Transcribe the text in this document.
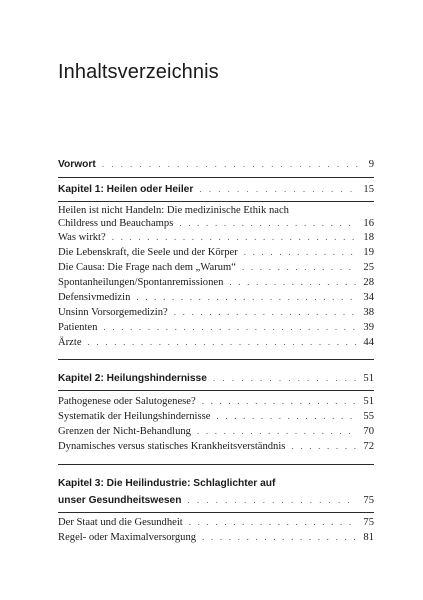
Inhaltsverzeichnis
Vorwort . . .	9
Kapitel 1: Heilen oder Heiler . . .	15
Heilen ist nicht Handeln: Die medizinische Ethik nach
Childress und Beauchamps . . .	16
Was wirkt? . . .	18
Die Lebenskraft, die Seele und der Körper . . .	19
Die Causa: Die Frage nach dem „Warum“ . . .	25
Spontanheilungen/Spontanremissionen . . .	28
Defensivmedizin . . .	34
Unsinn Vorsorgemedizin? . . .	38
Patienten . . .	39
Ärzte . . .	44
Kapitel 2: Heilungshindernisse . . .	51
Pathogenese oder Salutogenese? . . .	51
Systematik der Heilungshindernisse . . .	55
Grenzen der Nicht-Behandlung . . .	70
Dynamisches versus statisches Krankheitsverständnis . . .	72
Kapitel 3: Die Heilindustrie: Schlaglichter auf
unser Gesundheitswesen . . .	75
Der Staat und die Gesundheit . . .	75
Regel- oder Maximalversorgung . . .	81
